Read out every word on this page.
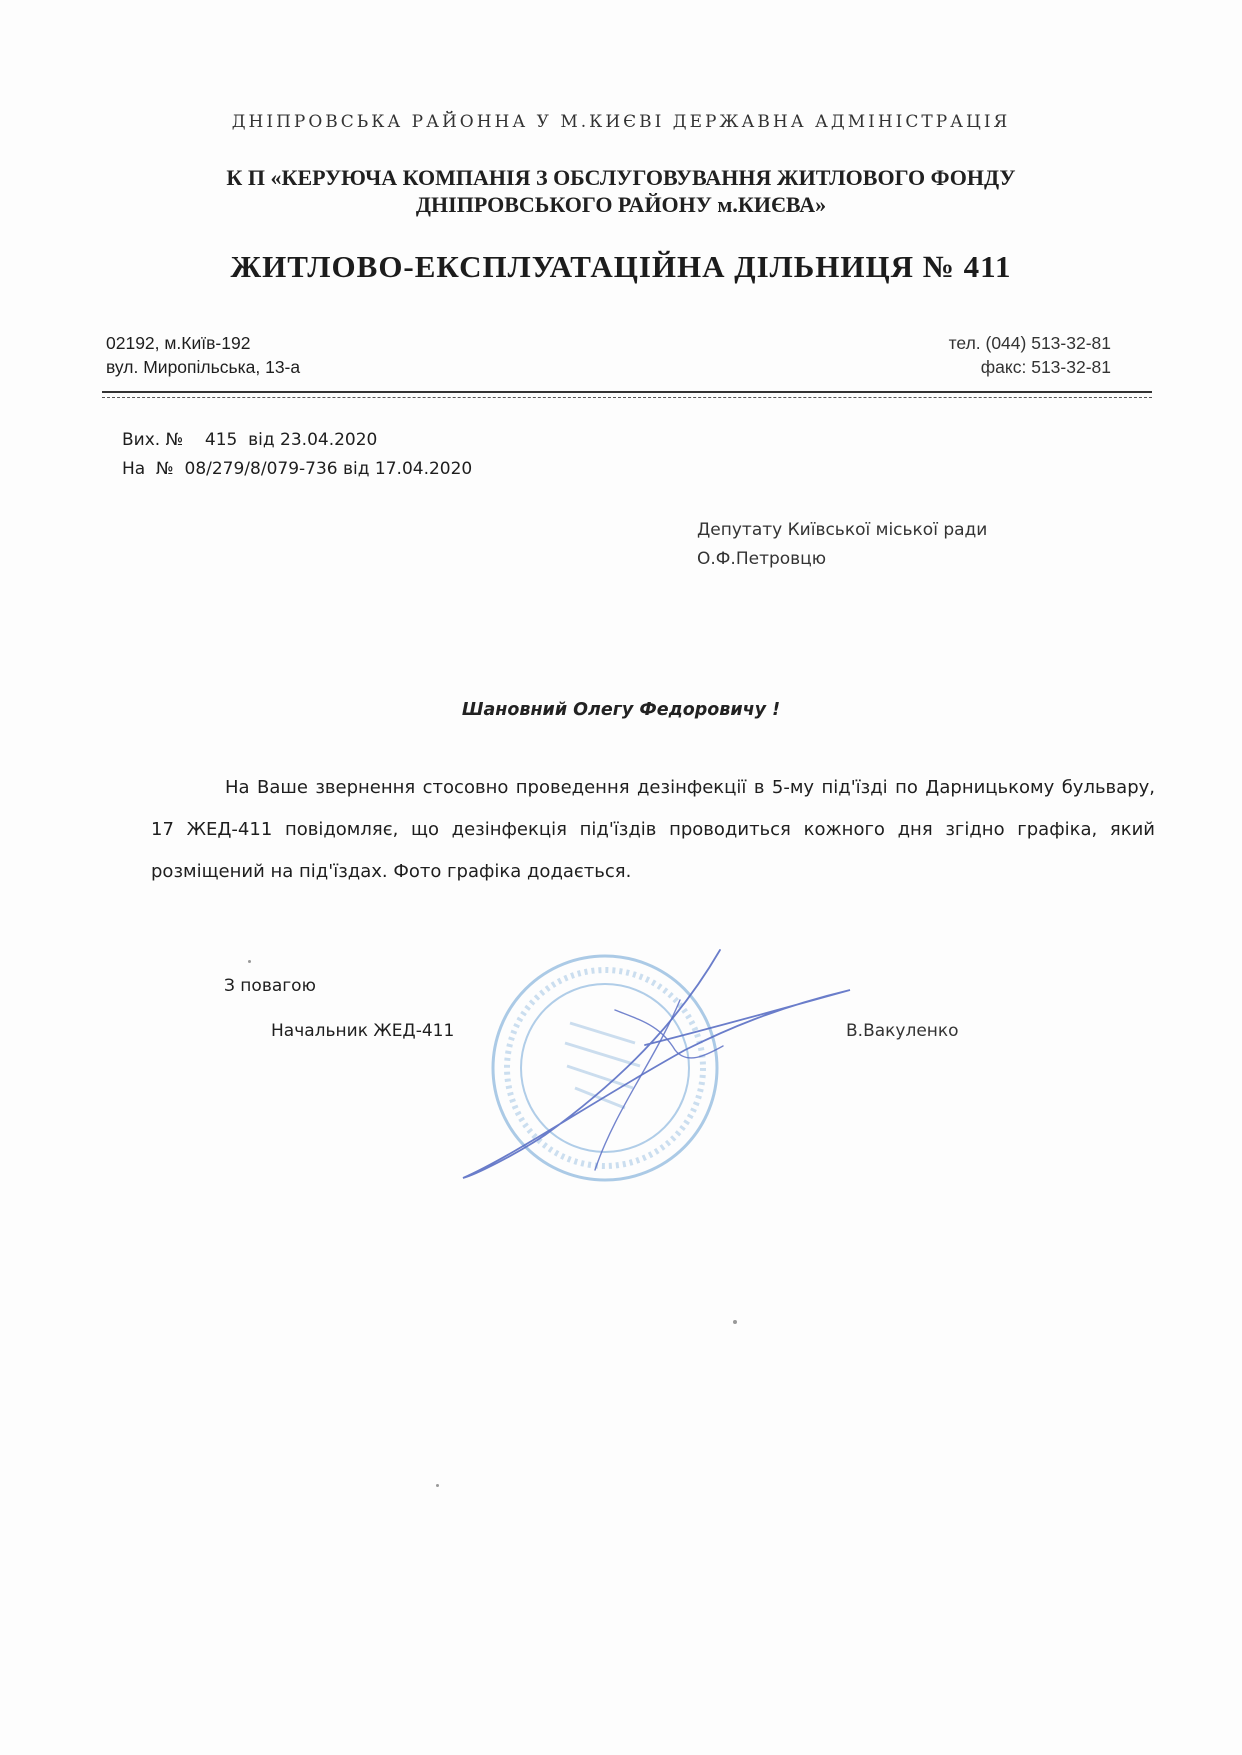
ДНІПРОВСЬКА РАЙОННА У М.КИЄВІ ДЕРЖАВНА АДМІНІСТРАЦІЯ
К П «КЕРУЮЧА КОМПАНІЯ З ОБСЛУГОВУВАННЯ ЖИТЛОВОГО ФОНДУ
ДНІПРОВСЬКОГО РАЙОНУ м.КИЄВА»
ЖИТЛОВО-ЕКСПЛУАТАЦІЙНА ДІЛЬНИЦЯ № 411
02192, м.Київ-192
вул. Миропільська, 13-а
тел. (044) 513-32-81
факс: 513-32-81
Вих. №    415  від 23.04.2020
На  №  08/279/8/079-736 від 17.04.2020
Депутату Київської міської ради
О.Ф.Петровцю
Шановний Олегу Федоровичу !
На Ваше звернення стосовно проведення дезінфекції в 5-му під'їзді по Дарницькому бульвару, 17 ЖЕД-411 повідомляє, що дезінфекція під'їздів проводиться кожного дня згідно графіка, який розміщений на під'їздах. Фото графіка додається.
З повагою
Начальник ЖЕД-411	В.Вакуленко
